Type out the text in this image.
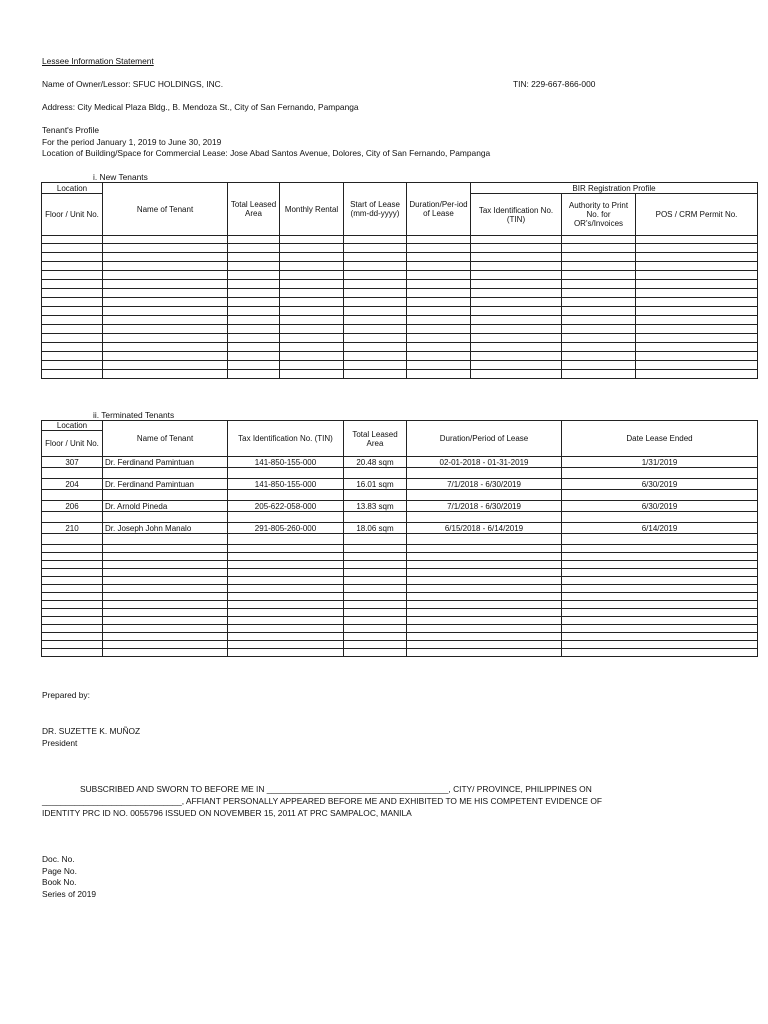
Lessee Information Statement
Name of Owner/Lessor: SFUC HOLDINGS, INC.	TIN: 229-667-866-000
Address: City Medical Plaza Bldg., B. Mendoza St., City of San Fernando, Pampanga
Tenant's Profile
For the period January 1, 2019 to June 30, 2019
Location of Building/Space for Commercial Lease: Jose Abad Santos Avenue, Dolores, City of San Fernando, Pampanga
i. New Tenants
Location	Name of Tenant	Total Leased Area	Monthly Rental	Start of Lease (mm-dd-yyyy)	Duration/Per-iod of Lease	BIR Registration Profile		
Floor / Unit No.						Tax Identification No. (TIN)	Authority to Print No. for OR's/Invoices	POS / CRM Permit No.

ii. Terminated Tenants
Location	Name of Tenant	Tax Identification No. (TIN)	Total Leased Area	Duration/Period of Lease	Date Lease Ended
Floor / Unit No.					
307	Dr. Ferdinand Pamintuan	141-850-155-000	20.48 sqm	02-01-2018 - 01-31-2019	1/31/2019

204	Dr. Ferdinand Pamintuan	141-850-155-000	16.01 sqm	7/1/2018 - 6/30/2019	6/30/2019

206	Dr. Arnold Pineda	205-622-058-000	13.83 sqm	7/1/2018 - 6/30/2019	6/30/2019

210	Dr. Joseph John Manalo	291-805-260-000	18.06 sqm	6/15/2018 - 6/14/2019	6/14/2019

Prepared by:
DR. SUZETTE K. MUÑOZ
President
SUBSCRIBED AND SWORN TO BEFORE ME IN _______________________________________, CITY/ PROVINCE, PHILIPPINES ON
______________________________, AFFIANT PERSONALLY APPEARED BEFORE ME AND EXHIBITED TO ME HIS COMPETENT EVIDENCE OF
IDENTITY PRC ID NO. 0055796 ISSUED ON NOVEMBER 15, 2011 AT PRC SAMPALOC, MANILA
Doc. No.
Page No.
Book No.
Series of 2019
